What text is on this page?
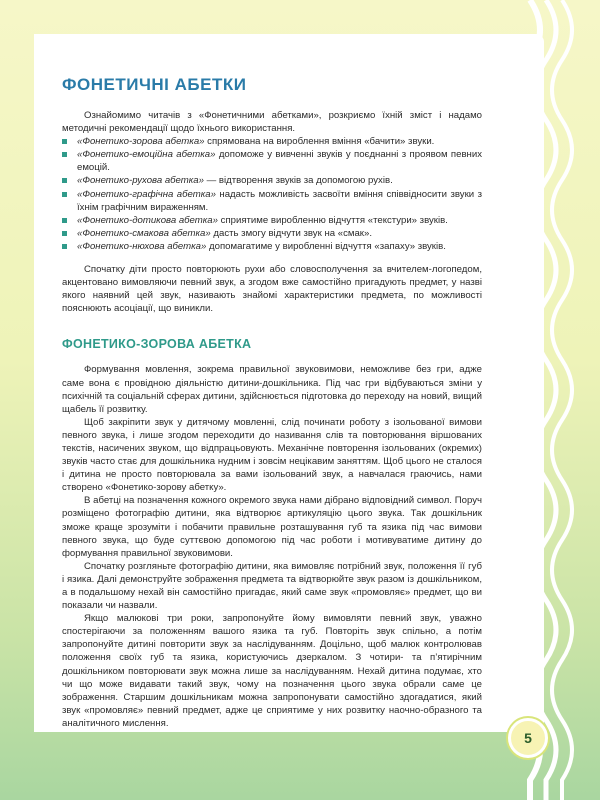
ФОНЕТИЧНІ АБЕТКИ

Ознайомимо читачів з «Фонетичними абетками», розкриємо їхній зміст і надамо методичні рекомендації щодо їхнього використання.

«Фонетико-зорова абетка» спрямована на вироблення вміння «бачити» звуки.
«Фонетико-емоційна абетка» допоможе у вивченні звуків у поєднанні з проявом певних емоцій.
«Фонетико-рухова абетка» — відтворення звуків за допомогою рухів.
«Фонетико-графічна абетка» надасть можливість засвоїти вміння співвідносити звуки з їхнім графічним вираженням.
«Фонетико-дотикова абетка» сприятиме виробленню відчуття «текстури» звуків.
«Фонетико-смакова абетка» дасть змогу відчути звук на «смак».
«Фонетико-нюхова абетка» допомагатиме у виробленні відчуття «запаху» звуків.

Спочатку діти просто повторюють рухи або словосполучення за вчителем-логопедом, акцентовано вимовляючи певний звук, а згодом вже самостійно пригадують предмет, у назві якого наявний цей звук, називають знайомі характеристики предмета, по можливості пояснюють асоціації, що виникли.

ФОНЕТИКО-ЗОРОВА АБЕТКА

Формування мовлення, зокрема правильної звуковимови, неможливе без гри, адже саме вона є провідною діяльністю дитини-дошкільника. Під час гри відбуваються зміни у психічній та соціальній сферах дитини, здійснюється підготовка до переходу на новий, вищий щабель її розвитку.

Щоб закріпити звук у дитячому мовленні, слід починати роботу з ізольованої вимови певного звука, і лише згодом переходити до називання слів та повторювання віршованих текстів, насичених звуком, що відпрацьовують. Механічне повторення ізольованих (окремих) звуків часто стає для дошкільника нудним і зовсім нецікавим заняттям. Щоб цього не сталося і дитина не просто повторювала за вами ізольований звук, а навчалася граючись, нами створено «Фонетико-зорову абетку».

В абетці на позначення кожного окремого звука нами дібрано відповідний символ. Поруч розміщено фотографію дитини, яка відтворює артикуляцію цього звука. Так дошкільник зможе краще зрозуміти і побачити правильне розташування губ та язика під час вимови певного звука, що буде суттєвою допомогою під час роботи і мотивуватиме дитину до формування правильної звуковимови.

Спочатку розгляньте фотографію дитини, яка вимовляє потрібний звук, положення її губ і язика. Далі демонструйте зображення предмета та відтворюйте звук разом із дошкільником, а в подальшому нехай він самостійно пригадає, який саме звук «промовляє» предмет, що ви показали чи назвали.

Якщо малюкові три роки, запропонуйте йому вимовляти певний звук, уважно спостерігаючи за положенням вашого язика та губ. Повторіть звук спільно, а потім запропонуйте дитині повторити звук за наслідуванням. Доцільно, щоб малюк контролював положення своїх губ та язика, користуючись дзеркалом. З чотири- та п’ятирічним дошкільником повторювати звук можна лише за наслідуванням. Нехай дитина подумає, хто чи що може видавати такий звук, чому на позначення цього звука обрали саме це зображення. Старшим дошкільникам можна запропонувати самостійно здогадатися, який звук «промовляє» певний предмет, адже це сприятиме у них розвитку наочно-образного та аналітичного мислення.

5
